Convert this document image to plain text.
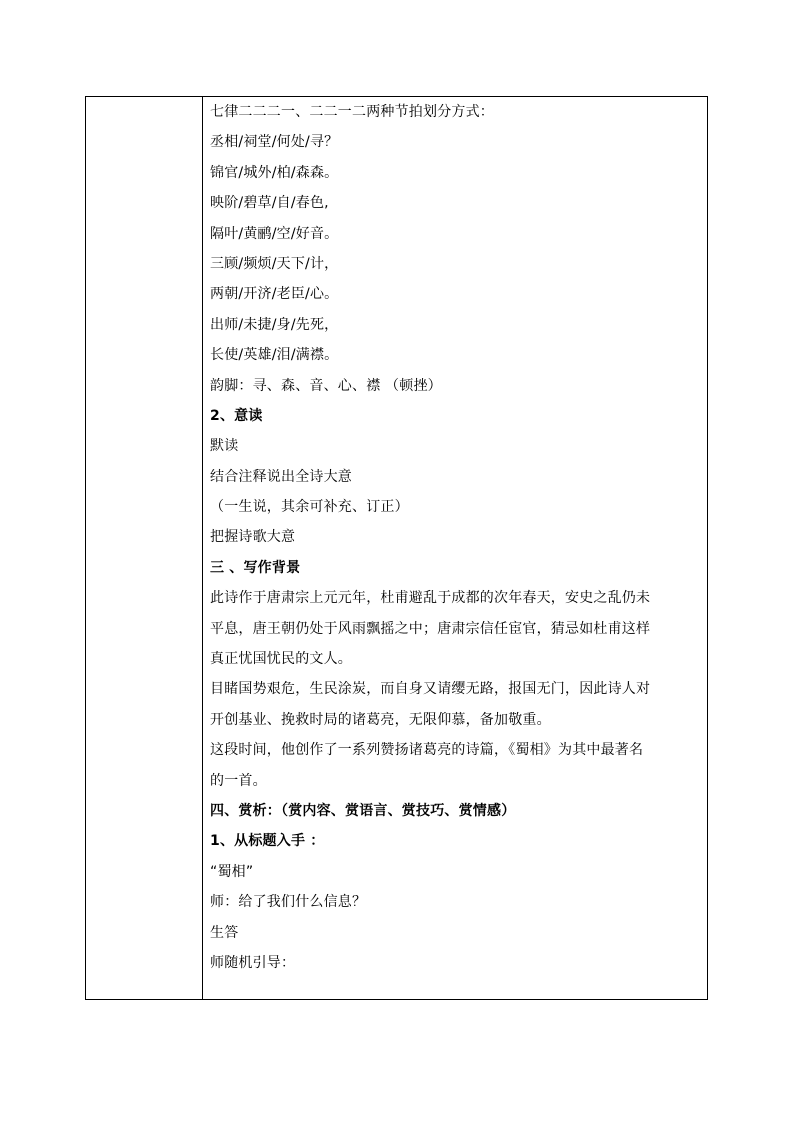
七律二二二一、二二一二两种节拍划分方式：
丞相/祠堂/何处/寻？
锦官/城外/柏/森森。
映阶/碧草/自/春色,
隔叶/黄鹂/空/好音。
三顾/频烦/天下/计，
两朝/开济/老臣/心。
出师/未捷/身/先死，
长使/英雄/泪/满襟。
韵脚：寻、森、音、心、襟 （顿挫）
2、意读
默读
结合注释说出全诗大意
（一生说，其余可补充、订正）
把握诗歌大意
三 、写作背景
此诗作于唐肃宗上元元年，杜甫避乱于成都的次年春天，安史之乱仍未
平息，唐王朝仍处于风雨飘摇之中；唐肃宗信任宦官，猜忌如杜甫这样
真正忧国忧民的文人。
目睹国势艰危，生民涂炭，而自身又请缨无路，报国无门，因此诗人对
开创基业、挽救时局的诸葛亮，无限仰慕，备加敬重。
这段时间，他创作了一系列赞扬诸葛亮的诗篇，《蜀相》为其中最著名
的一首。
四、赏析：（赏内容、赏语言、赏技巧、赏情感）
1、从标题入手 ：
“蜀相”
师：给了我们什么信息？
生答
师随机引导：
